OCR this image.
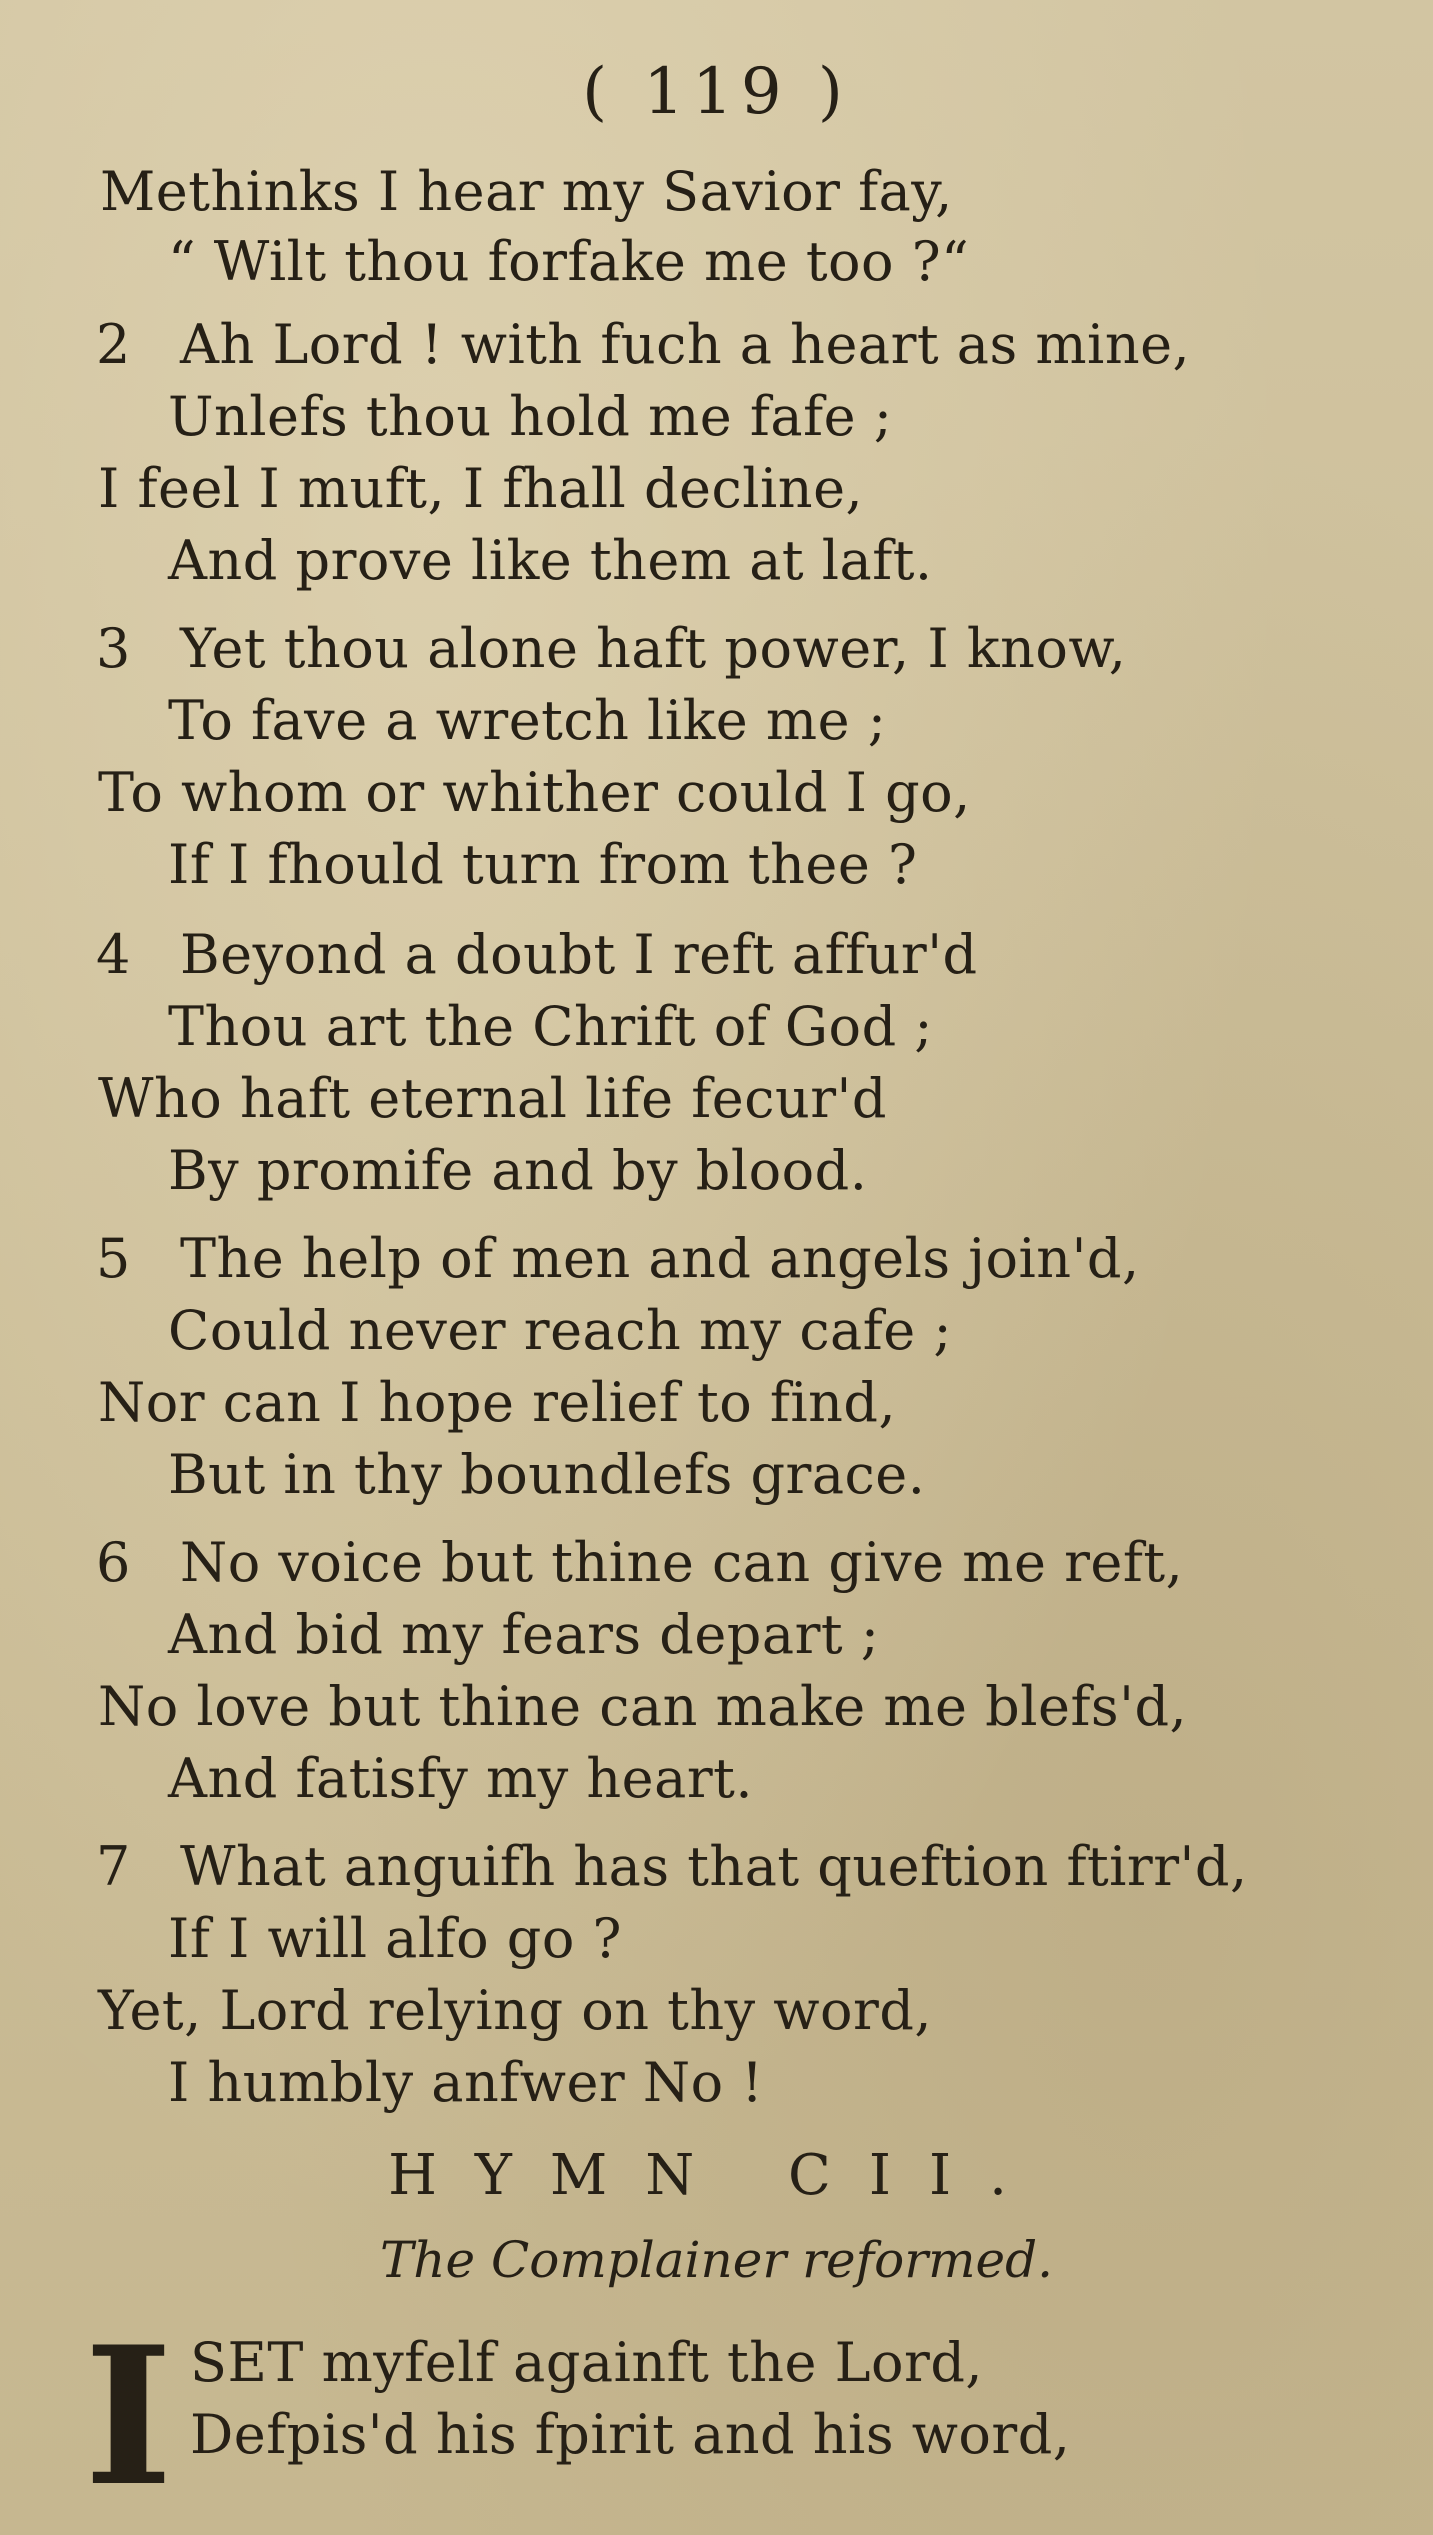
( 119 )
Methinks I hear my Savior fay,
“ Wilt thou forfake me too ?“
2 Ah Lord ! with fuch a heart as mine,
Unlefs thou hold me fafe ;
I feel I muft, I fhall decline,
And prove like them at laft.
3 Yet thou alone haft power, I know,
To fave a wretch like me ;
To whom or whither could I go,
If I fhould turn from thee ?
4 Beyond a doubt I reft affur'd
Thou art the Chrift of God ;
Who haft eternal life fecur'd
By promife and by blood.
5 The help of men and angels join'd,
Could never reach my cafe ;
Nor can I hope relief to find,
But in thy boundlefs grace.
6 No voice but thine can give me reft,
And bid my fears depart ;
No love but thine can make me blefs'd,
And fatisfy my heart.
7 What anguifh has that queftion ftirr'd,
If I will alfo go ?
Yet, Lord relying on thy word,
I humbly anfwer No !
HYMN CII.
The Complainer reformed.
I SET myfelf againft the Lord,
Defpis'd his fpirit and his word,
